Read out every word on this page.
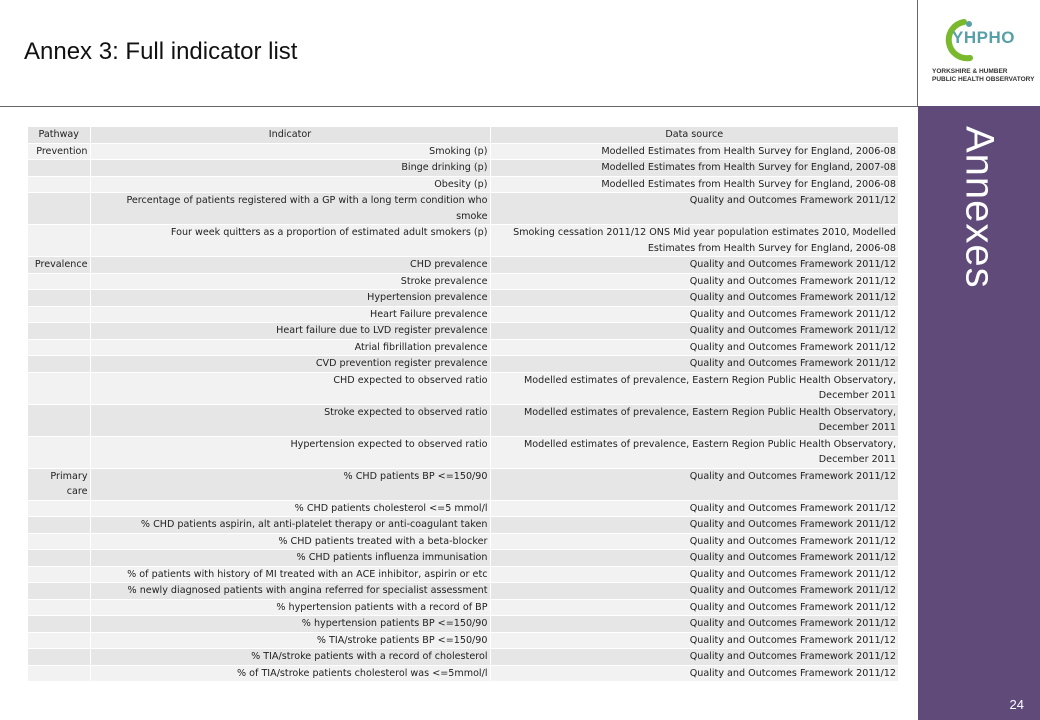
Annex 3: Full indicator list
YHPHO
YORKSHIRE & HUMBER
PUBLIC HEALTH OBSERVATORY
Annexes
24
Pathway	Indicator	Data source
Prevention	Smoking (p)	Modelled Estimates from Health Survey for England, 2006-08
	Binge drinking (p)	Modelled Estimates from Health Survey for England, 2007-08
	Obesity (p)	Modelled Estimates from Health Survey for England, 2006-08
	Percentage of patients registered with a GP with a long term condition who smoke	Quality and Outcomes Framework 2011/12
	Four week quitters as a proportion of estimated adult smokers (p)	Smoking cessation 2011/12 ONS Mid year population estimates 2010, Modelled Estimates from Health Survey for England, 2006-08
Prevalence	CHD prevalence	Quality and Outcomes Framework 2011/12
	Stroke prevalence	Quality and Outcomes Framework 2011/12
	Hypertension prevalence	Quality and Outcomes Framework 2011/12
	Heart Failure prevalence	Quality and Outcomes Framework 2011/12
	Heart failure due to LVD register prevalence	Quality and Outcomes Framework 2011/12
	Atrial fibrillation prevalence	Quality and Outcomes Framework 2011/12
	CVD prevention register prevalence	Quality and Outcomes Framework 2011/12
	CHD expected to observed ratio	Modelled estimates of prevalence, Eastern Region Public Health Observatory, December 2011
	Stroke expected to observed ratio	Modelled estimates of prevalence, Eastern Region Public Health Observatory, December 2011
	Hypertension expected to observed ratio	Modelled estimates of prevalence, Eastern Region Public Health Observatory, December 2011
Primary care	% CHD patients BP <=150/90	Quality and Outcomes Framework 2011/12
	% CHD patients cholesterol <=5 mmol/l	Quality and Outcomes Framework 2011/12
	% CHD patients aspirin, alt anti-platelet therapy or anti-coagulant taken	Quality and Outcomes Framework 2011/12
	% CHD patients treated with a beta-blocker	Quality and Outcomes Framework 2011/12
	% CHD patients influenza immunisation	Quality and Outcomes Framework 2011/12
	% of patients with history of MI treated with an ACE inhibitor, aspirin or etc	Quality and Outcomes Framework 2011/12
	% newly diagnosed patients with angina referred for specialist assessment	Quality and Outcomes Framework 2011/12
	% hypertension patients with a record of BP	Quality and Outcomes Framework 2011/12
	% hypertension patients BP <=150/90	Quality and Outcomes Framework 2011/12
	% TIA/stroke patients BP <=150/90	Quality and Outcomes Framework 2011/12
	% TIA/stroke patients with a record of cholesterol	Quality and Outcomes Framework 2011/12
	% of TIA/stroke patients cholesterol was <=5mmol/l	Quality and Outcomes Framework 2011/12
